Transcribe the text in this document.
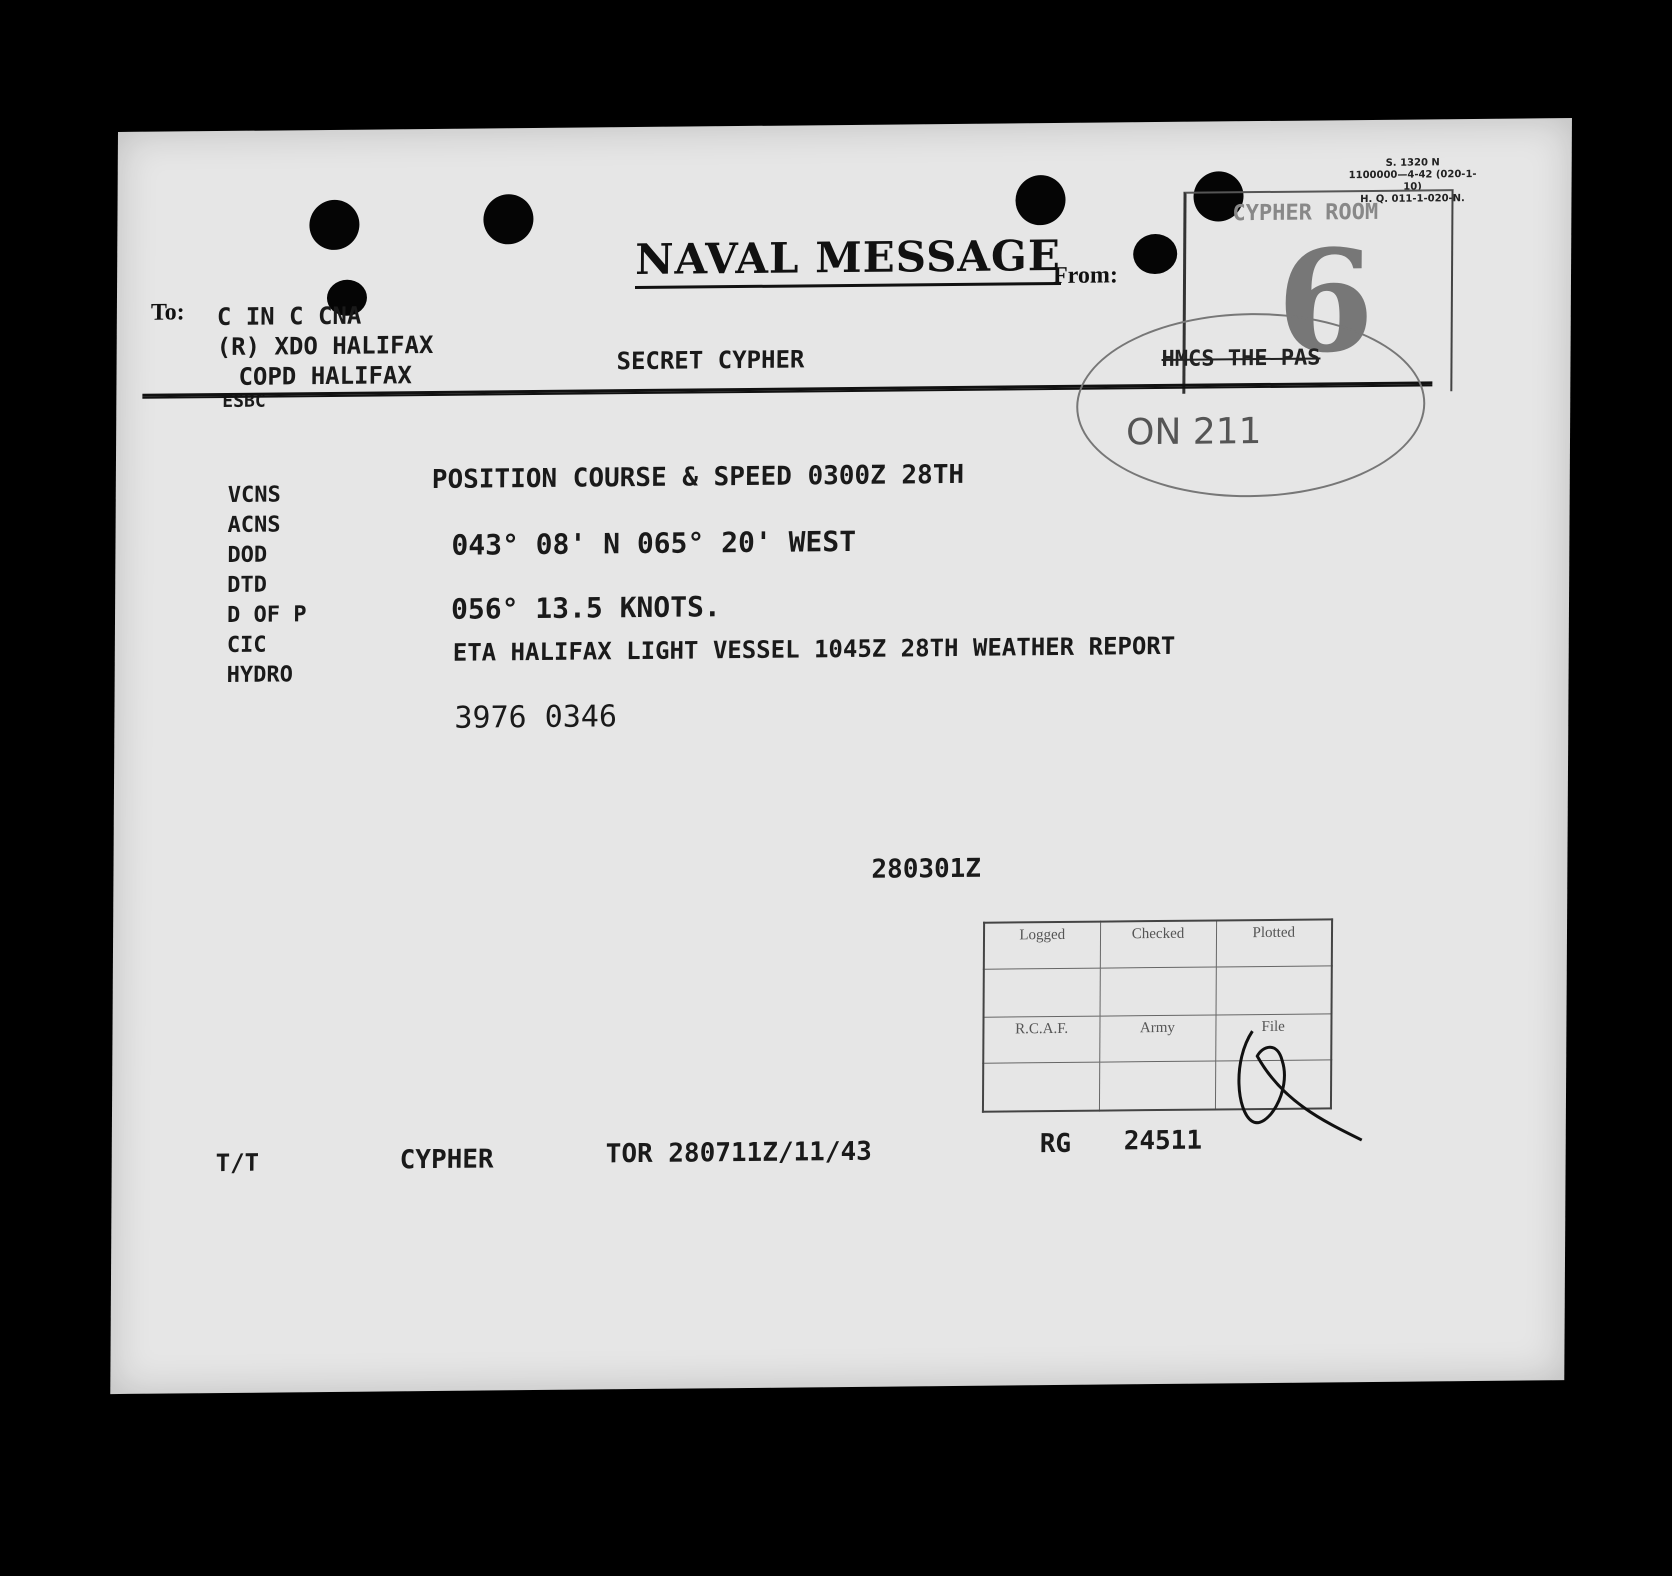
S. 1320 N
1100000—4-42 (020-1-10)
H. Q. 011-1-020-N.
NAVAL MESSAGE
To:
From:
C IN C CNA
(R) XDO HALIFAX
COPD HALIFAX
ESBC
SECRET CYPHER
CYPHER ROOM
6
HMCS THE PAS
ON 211
VCNS
ACNS
DOD
DTD
D OF P
CIC
HYDRO
POSITION COURSE & SPEED 0300Z 28TH
043° 08' N 065° 20' WEST
056° 13.5 KNOTS.
ETA HALIFAX LIGHT VESSEL 1045Z 28TH WEATHER REPORT
3976 0346
280301Z
Logged	Checked	Plotted

R.C.A.F.	Army	File

T/T	CYPHER	TOR 280711Z/11/43	RG 24511
